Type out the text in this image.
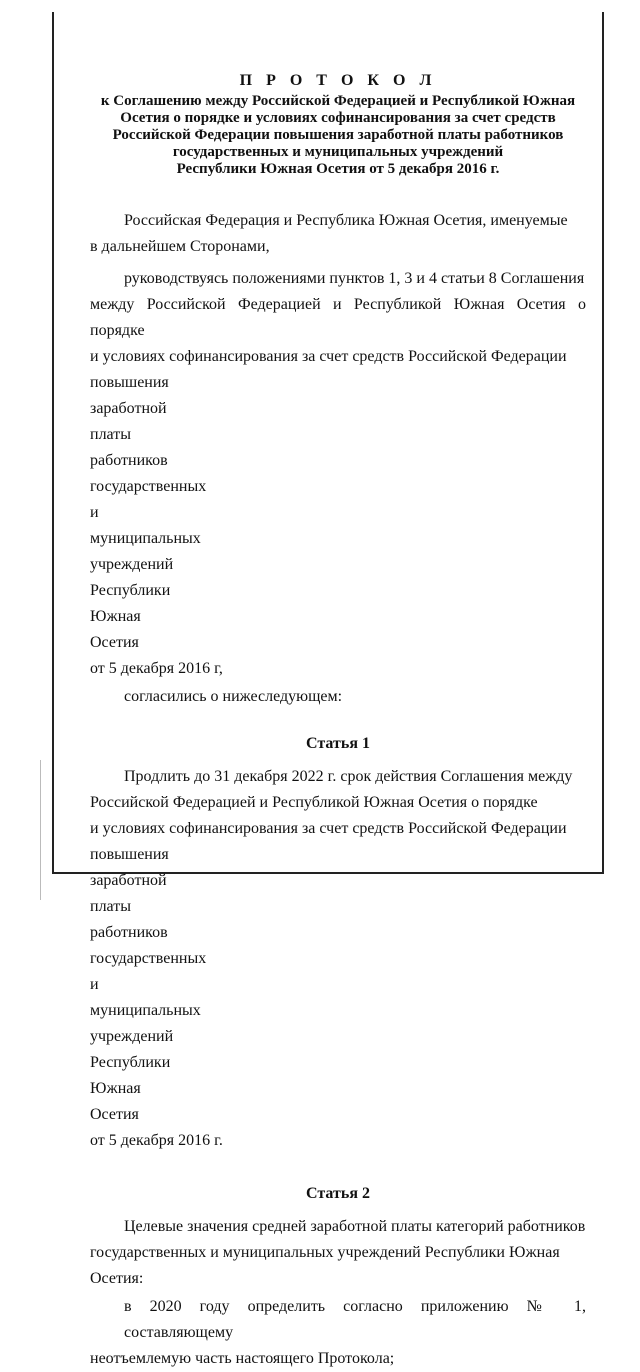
П Р О Т О К О Л
к Соглашению между Российской Федерацией и Республикой Южная
Осетия о порядке и условиях софинансирования за счет средств
Российской Федерации повышения заработной платы работников
государственных и муниципальных учреждений
Республики Южная Осетия от 5 декабря 2016 г.
Российская Федерация и Республика Южная Осетия, именуемые
в дальнейшем Сторонами,
руководствуясь положениями пунктов 1, 3 и 4 статьи 8 Соглашения
между Российской Федерацией и Республикой Южная Осетия о порядке
и условиях софинансирования за счет средств Российской Федерации
повышения
заработной
платы
работников
государственных
и
муниципальных
учреждений
Республики
Южная
Осетия
от 5 декабря 2016 г,
согласились о нижеследующем:
Статья 1
Продлить до 31 декабря 2022 г. срок действия Соглашения между
Российской Федерацией и Республикой Южная Осетия о порядке
и условиях софинансирования за счет средств Российской Федерации
повышения
заработной
платы
работников
государственных
и
муниципальных
учреждений
Республики
Южная
Осетия
от 5 декабря 2016 г.
Статья 2
Целевые значения средней заработной платы категорий работников
государственных и муниципальных учреждений Республики Южная
Осетия:
в 2020 году определить согласно приложению № 1, составляющему
неотъемлемую часть настоящего Протокола;
